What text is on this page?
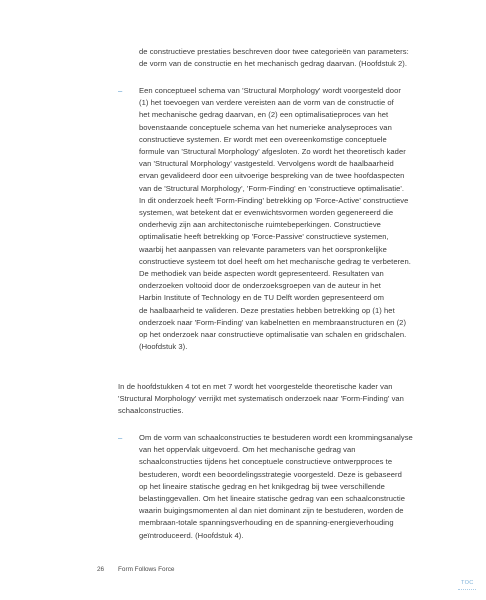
de constructieve prestaties beschreven door twee categorieën van parameters:
de vorm van de constructie en het mechanisch gedrag daarvan. (Hoofdstuk 2).
– Een conceptueel schema van 'Structural Morphology' wordt voorgesteld door
(1) het toevoegen van verdere vereisten aan de vorm van de constructie of
het mechanische gedrag daarvan, en (2) een optimalisatieproces van het
bovenstaande conceptuele schema van het numerieke analyseproces van
constructieve systemen. Er wordt met een overeenkomstige conceptuele
formule van 'Structural Morphology' afgesloten. Zo wordt het theoretisch kader
van 'Structural Morphology' vastgesteld. Vervolgens wordt de haalbaarheid
ervan gevalideerd door een uitvoerige bespreking van de twee hoofdaspecten
van de 'Structural Morphology', 'Form-Finding' en 'constructieve optimalisatie'.
In dit onderzoek heeft 'Form-Finding' betrekking op 'Force-Active' constructieve
systemen, wat betekent dat er evenwichtsvormen worden gegenereerd die
onderhevig zijn aan architectonische ruimtebeperkingen. Constructieve
optimalisatie heeft betrekking op 'Force-Passive' constructieve systemen,
waarbij het aanpassen van relevante parameters van het oorspronkelijke
constructieve systeem tot doel heeft om het mechanische gedrag te verbeteren.
De methodiek van beide aspecten wordt gepresenteerd. Resultaten van
onderzoeken voltooid door de onderzoeksgroepen van de auteur in het
Harbin Institute of Technology en de TU Delft worden gepresenteerd om
de haalbaarheid te valideren. Deze prestaties hebben betrekking op (1) het
onderzoek naar 'Form-Finding' van kabelnetten en membraanstructuren en (2)
op het onderzoek naar constructieve optimalisatie van schalen en gridschalen.
(Hoofdstuk 3).
In de hoofdstukken 4 tot en met 7 wordt het voorgestelde theoretische kader van
'Structural Morphology' verrijkt met systematisch onderzoek naar 'Form-Finding' van
schaalconstructies.
– Om de vorm van schaalconstructies te bestuderen wordt een krommingsanalyse
van het oppervlak uitgevoerd. Om het mechanische gedrag van
schaalconstructies tijdens het conceptuele constructieve ontwerpproces te
bestuderen, wordt een beoordelingsstrategie voorgesteld. Deze is gebaseerd
op het lineaire statische gedrag en het knikgedrag bij twee verschillende
belastinggevallen. Om het lineaire statische gedrag van een schaalconstructie
waarin buigingsmomenten al dan niet dominant zijn te bestuderen, worden de
membraan-totale spanningsverhouding en de spanning-energieverhouding
geïntroduceerd. (Hoofdstuk 4).
26 Form Follows Force
TOC
